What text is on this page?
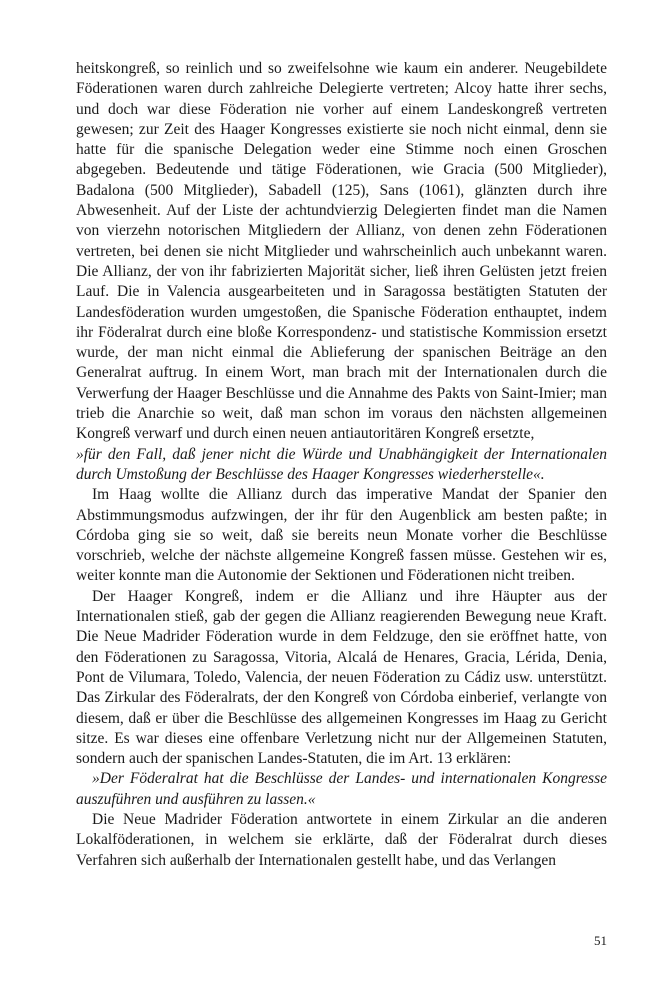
heitskongreß, so reinlich und so zweifelsohne wie kaum ein anderer. Neugebildete Föderationen waren durch zahlreiche Delegierte vertreten; Alcoy hatte ihrer sechs, und doch war diese Föderation nie vorher auf einem Landeskongreß vertreten gewesen; zur Zeit des Haager Kongresses existierte sie noch nicht einmal, denn sie hatte für die spanische Delegation weder eine Stimme noch einen Groschen abgegeben. Bedeutende und tätige Föderationen, wie Gracia (500 Mitglieder), Badalona (500 Mitglieder), Sabadell (125), Sans (1061), glänzten durch ihre Abwesenheit. Auf der Liste der achtundvierzig Delegierten findet man die Namen von vierzehn notorischen Mitgliedern der Allianz, von denen zehn Föderationen vertreten, bei denen sie nicht Mitglieder und wahrscheinlich auch unbekannt waren. Die Allianz, der von ihr fabrizierten Majorität sicher, ließ ihren Gelüsten jetzt freien Lauf. Die in Valencia ausgearbeiteten und in Saragossa bestätigten Statuten der Landesföderation wurden umgestoßen, die Spanische Föderation enthauptet, indem ihr Föderalrat durch eine bloße Korrespondenz- und statistische Kommission ersetzt wurde, der man nicht einmal die Ablieferung der spanischen Beiträge an den Generalrat auftrug. In einem Wort, man brach mit der Internationalen durch die Verwerfung der Haager Beschlüsse und die Annahme des Pakts von Saint-Imier; man trieb die Anarchie so weit, daß man schon im voraus den nächsten allgemeinen Kongreß verwarf und durch einen neuen antiautoritären Kongreß ersetzte,

»für den Fall, daß jener nicht die Würde und Unabhängigkeit der Internationalen durch Umstoßung der Beschlüsse des Haager Kongresses wiederherstelle«.

Im Haag wollte die Allianz durch das imperative Mandat der Spanier den Abstimmungsmodus aufzwingen, der ihr für den Augenblick am besten paßte; in Córdoba ging sie so weit, daß sie bereits neun Monate vorher die Beschlüsse vorschrieb, welche der nächste allgemeine Kongreß fassen müsse. Gestehen wir es, weiter konnte man die Autonomie der Sektionen und Föderationen nicht treiben.

Der Haager Kongreß, indem er die Allianz und ihre Häupter aus der Internationalen stieß, gab der gegen die Allianz reagierenden Bewegung neue Kraft. Die Neue Madrider Föderation wurde in dem Feldzuge, den sie eröffnet hatte, von den Föderationen zu Saragossa, Vitoria, Alcalá de Henares, Gracia, Lérida, Denia, Pont de Vilumara, Toledo, Valencia, der neuen Föderation zu Cádiz usw. unterstützt. Das Zirkular des Föderalrats, der den Kongreß von Córdoba einberief, verlangte von diesem, daß er über die Beschlüsse des allgemeinen Kongresses im Haag zu Gericht sitze. Es war dieses eine offenbare Verletzung nicht nur der Allgemeinen Statuten, sondern auch der spanischen Landes-Statuten, die im Art. 13 erklären:

»Der Föderalrat hat die Beschlüsse der Landes- und internationalen Kongresse auszuführen und ausführen zu lassen.«

Die Neue Madrider Föderation antwortete in einem Zirkular an die anderen Lokalföderationen, in welchem sie erklärte, daß der Föderalrat durch dieses Verfahren sich außerhalb der Internationalen gestellt habe, und das Verlangen

51
